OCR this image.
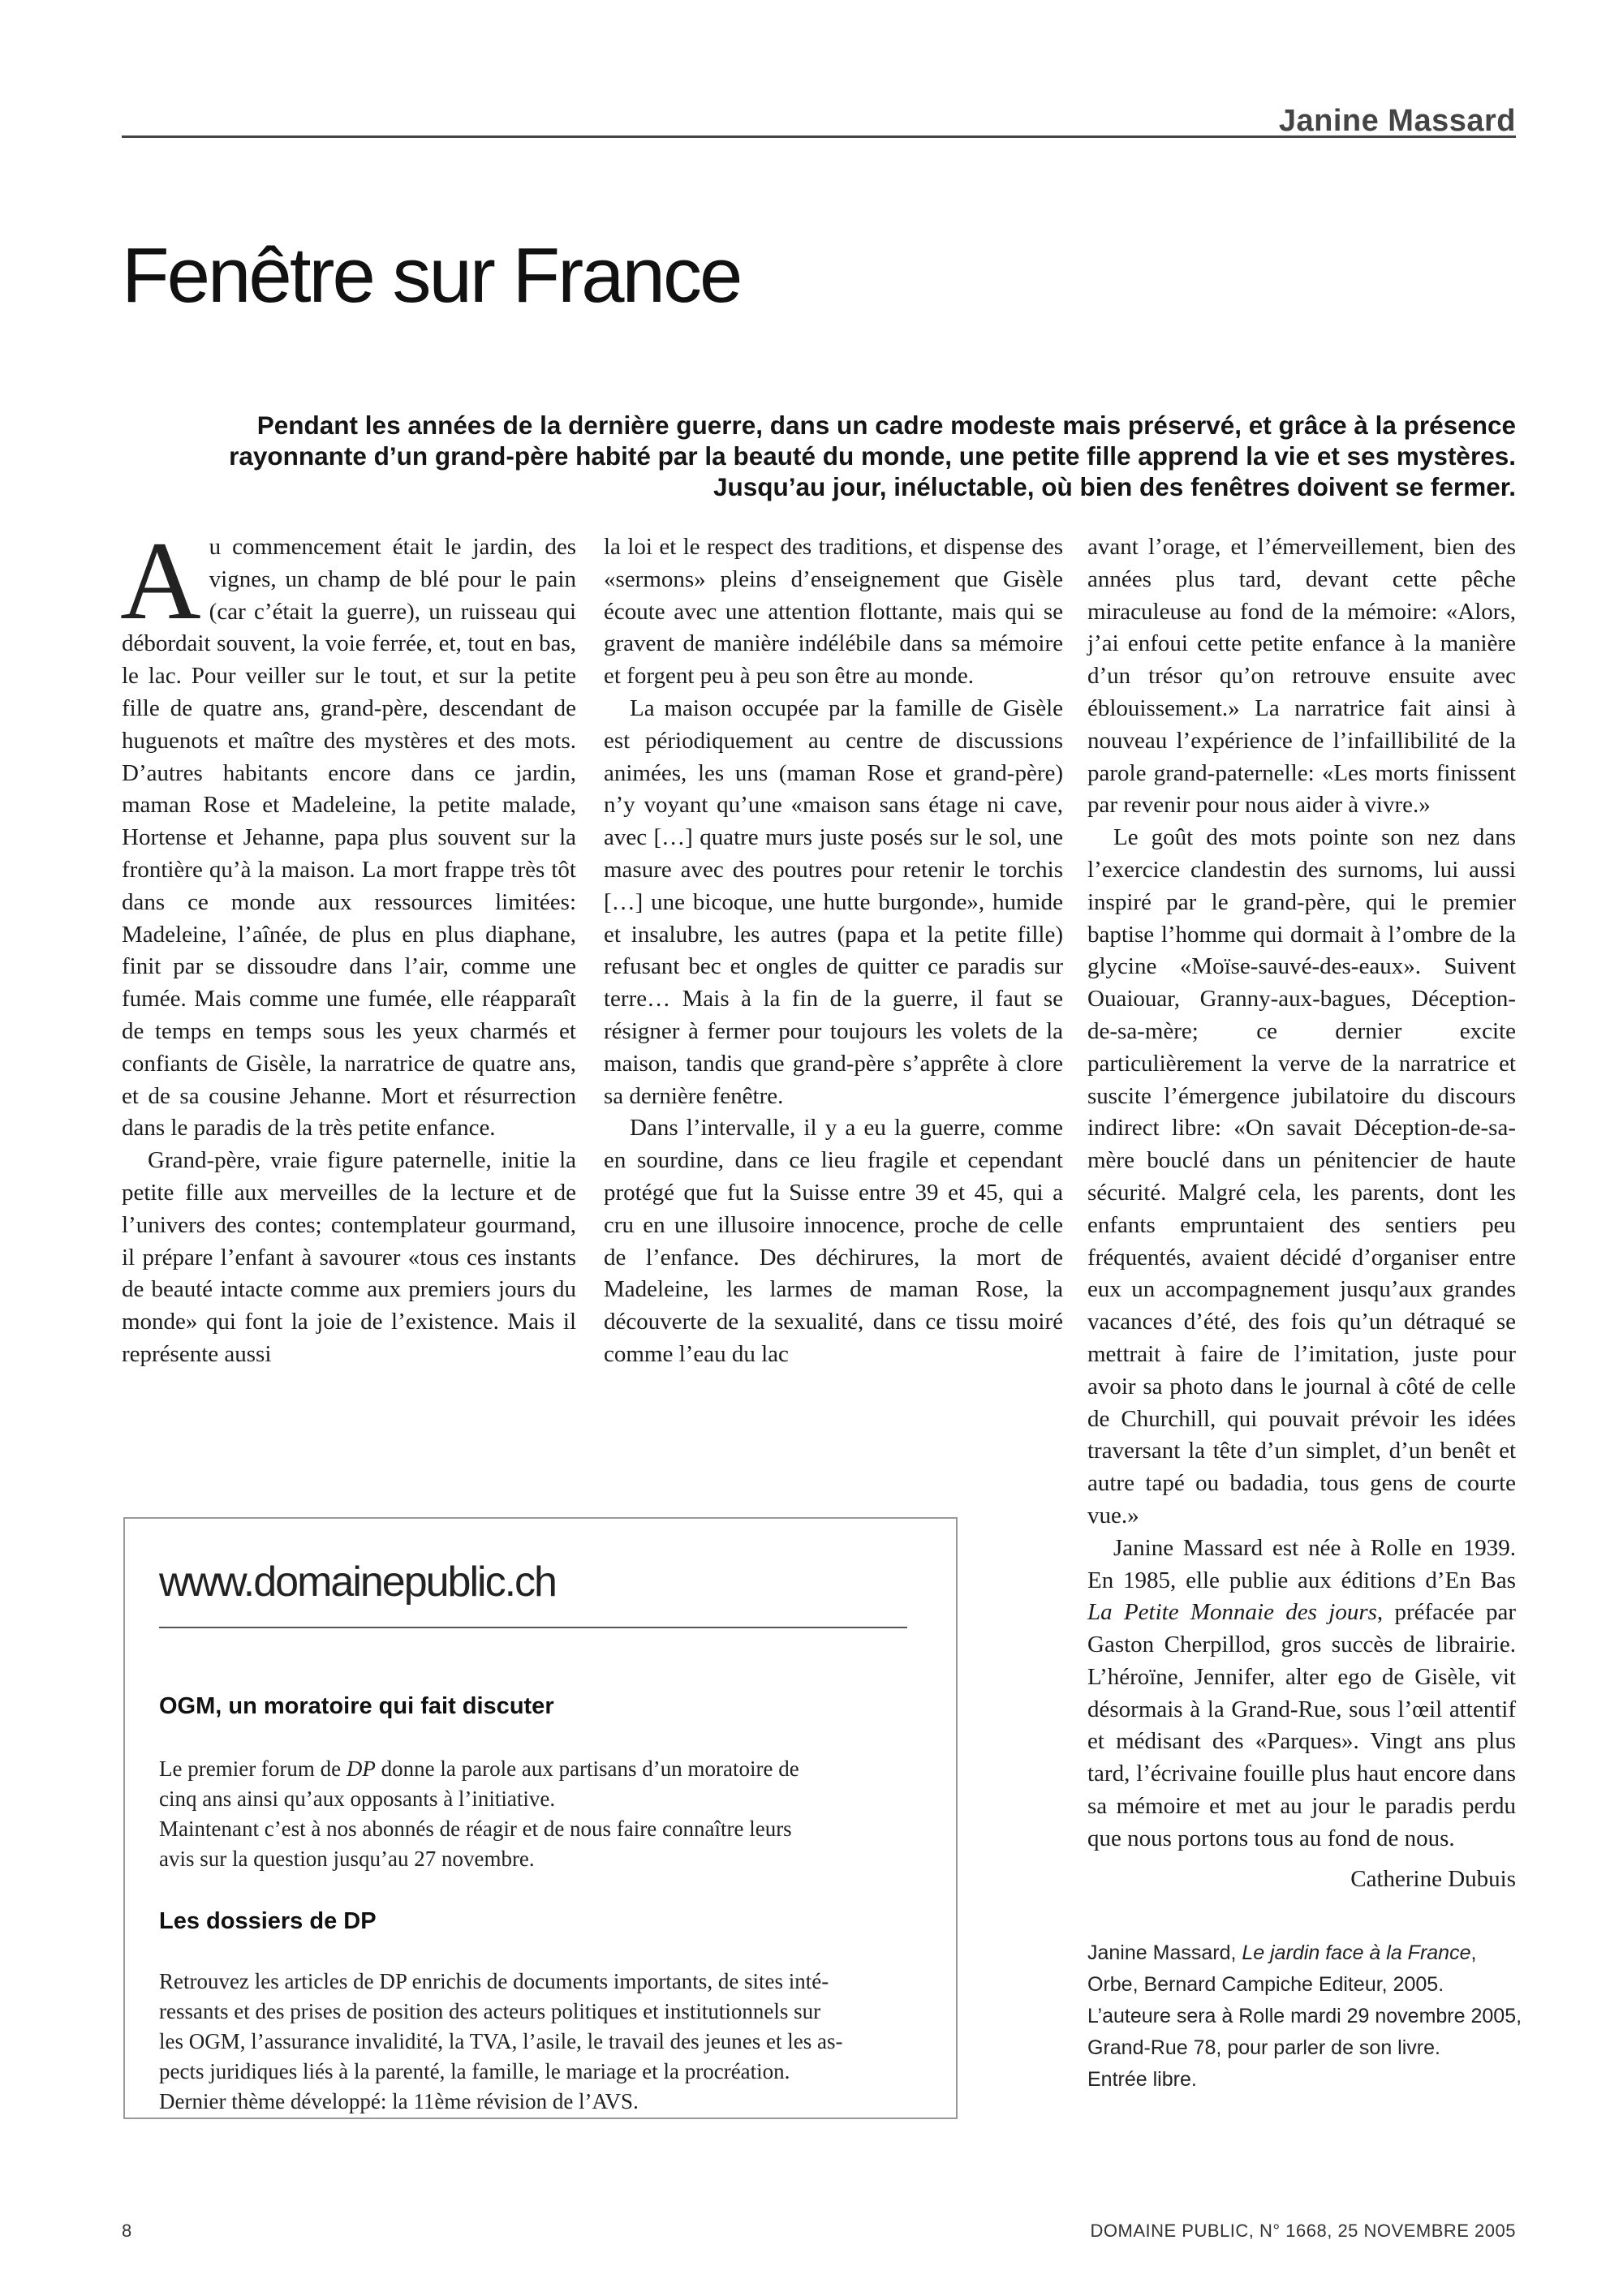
Janine Massard
Fenêtre sur France
Pendant les années de la dernière guerre, dans un cadre modeste mais préservé, et grâce à la présence rayonnante d’un grand-père habité par la beauté du monde, une petite fille apprend la vie et ses mystères. Jusqu’au jour, inéluctable, où bien des fenêtres doivent se fermer.

Au commencement était le jardin, des vignes, un champ de blé pour le pain (car c’était la guerre), un ruisseau qui débordait souvent, la voie ferrée, et, tout en bas, le lac. Pour veiller sur le tout, et sur la petite fille de quatre ans, grand-père, descendant de huguenots et maître des mystères et des mots. D’autres habitants encore dans ce jardin, maman Rose et Madeleine, la petite malade, Hortense et Jehanne, papa plus souvent sur la frontière qu’à la maison. La mort frappe très tôt dans ce monde aux ressources limitées: Madeleine, l’aînée, de plus en plus diaphane, finit par se dissoudre dans l’air, comme une fumée. Mais comme une fumée, elle réapparaît de temps en temps sous les yeux charmés et confiants de Gisèle, la narratrice de quatre ans, et de sa cousine Jehanne. Mort et résurrection dans le paradis de la très petite enfance.

Grand-père, vraie figure paternelle, initie la petite fille aux merveilles de la lecture et de l’univers des contes; contemplateur gourmand, il prépare l’enfant à savourer «tous ces instants de beauté intacte comme aux premiers jours du monde» qui font la joie de l’existence. Mais il représente aussi

la loi et le respect des traditions, et dispense des «sermons» pleins d’enseignement que Gisèle écoute avec une attention flottante, mais qui se gravent de manière indélébile dans sa mémoire et forgent peu à peu son être au monde.

La maison occupée par la famille de Gisèle est périodiquement au centre de discussions animées, les uns (maman Rose et grand-père) n’y voyant qu’une «maison sans étage ni cave, avec […] quatre murs juste posés sur le sol, une masure avec des poutres pour retenir le torchis […] une bicoque, une hutte burgonde», humide et insalubre, les autres (papa et la petite fille) refusant bec et ongles de quitter ce paradis sur terre… Mais à la fin de la guerre, il faut se résigner à fermer pour toujours les volets de la maison, tandis que grand-père s’apprête à clore sa dernière fenêtre.

Dans l’intervalle, il y a eu la guerre, comme en sourdine, dans ce lieu fragile et cependant protégé que fut la Suisse entre 39 et 45, qui a cru en une illusoire innocence, proche de celle de l’enfance. Des déchirures, la mort de Madeleine, les larmes de maman Rose, la découverte de la sexualité, dans ce tissu moiré comme l’eau du lac

avant l’orage, et l’émerveillement, bien des années plus tard, devant cette pêche miraculeuse au fond de la mémoire: «Alors, j’ai enfoui cette petite enfance à la manière d’un trésor qu’on retrouve ensuite avec éblouissement.» La narratrice fait ainsi à nouveau l’expérience de l’infaillibilité de la parole grand-paternelle: «Les morts finissent par revenir pour nous aider à vivre.»

Le goût des mots pointe son nez dans l’exercice clandestin des surnoms, lui aussi inspiré par le grand-père, qui le premier baptise l’homme qui dormait à l’ombre de la glycine «Moïse-sauvé-des-eaux». Suivent Ouaiouar, Granny-aux-bagues, Déception-de-sa-mère; ce dernier excite particulièrement la verve de la narratrice et suscite l’émergence jubilatoire du discours indirect libre: «On savait Déception-de-sa-mère bouclé dans un pénitencier de haute sécurité. Malgré cela, les parents, dont les enfants empruntaient des sentiers peu fréquentés, avaient décidé d’organiser entre eux un accompagnement jusqu’aux grandes vacances d’été, des fois qu’un détraqué se mettrait à faire de l’imitation, juste pour avoir sa photo dans le journal à côté de celle de Churchill, qui pouvait prévoir les idées traversant la tête d’un simplet, d’un benêt et autre tapé ou badadia, tous gens de courte vue.»

Janine Massard est née à Rolle en 1939. En 1985, elle publie aux éditions d’En Bas La Petite Monnaie des jours, préfacée par Gaston Cherpillod, gros succès de librairie. L’héroïne, Jennifer, alter ego de Gisèle, vit désormais à la Grand-Rue, sous l’œil attentif et médisant des «Parques». Vingt ans plus tard, l’écrivaine fouille plus haut encore dans sa mémoire et met au jour le paradis perdu que nous portons tous au fond de nous.

Catherine Dubuis
Janine Massard, Le jardin face à la France,
Orbe, Bernard Campiche Editeur, 2005.
L’auteure sera à Rolle mardi 29 novembre 2005,
Grand-Rue 78, pour parler de son livre.
Entrée libre.
www.domainepublic.ch
OGM, un moratoire qui fait discuter
Le premier forum de DP donne la parole aux partisans d’un moratoire de
cinq ans ainsi qu’aux opposants à l’initiative.
Maintenant c’est à nos abonnés de réagir et de nous faire connaître leurs
avis sur la question jusqu’au 27 novembre.
Les dossiers de DP
Retrouvez les articles de DP enrichis de documents importants, de sites inté-
ressants et des prises de position des acteurs politiques et institutionnels sur
les OGM, l’assurance invalidité, la TVA, l’asile, le travail des jeunes et les as-
pects juridiques liés à la parenté, la famille, le mariage et la procréation.
Dernier thème développé: la 11ème révision de l’AVS.
8	DOMAINE PUBLIC, N° 1668, 25 NOVEMBRE 2005
